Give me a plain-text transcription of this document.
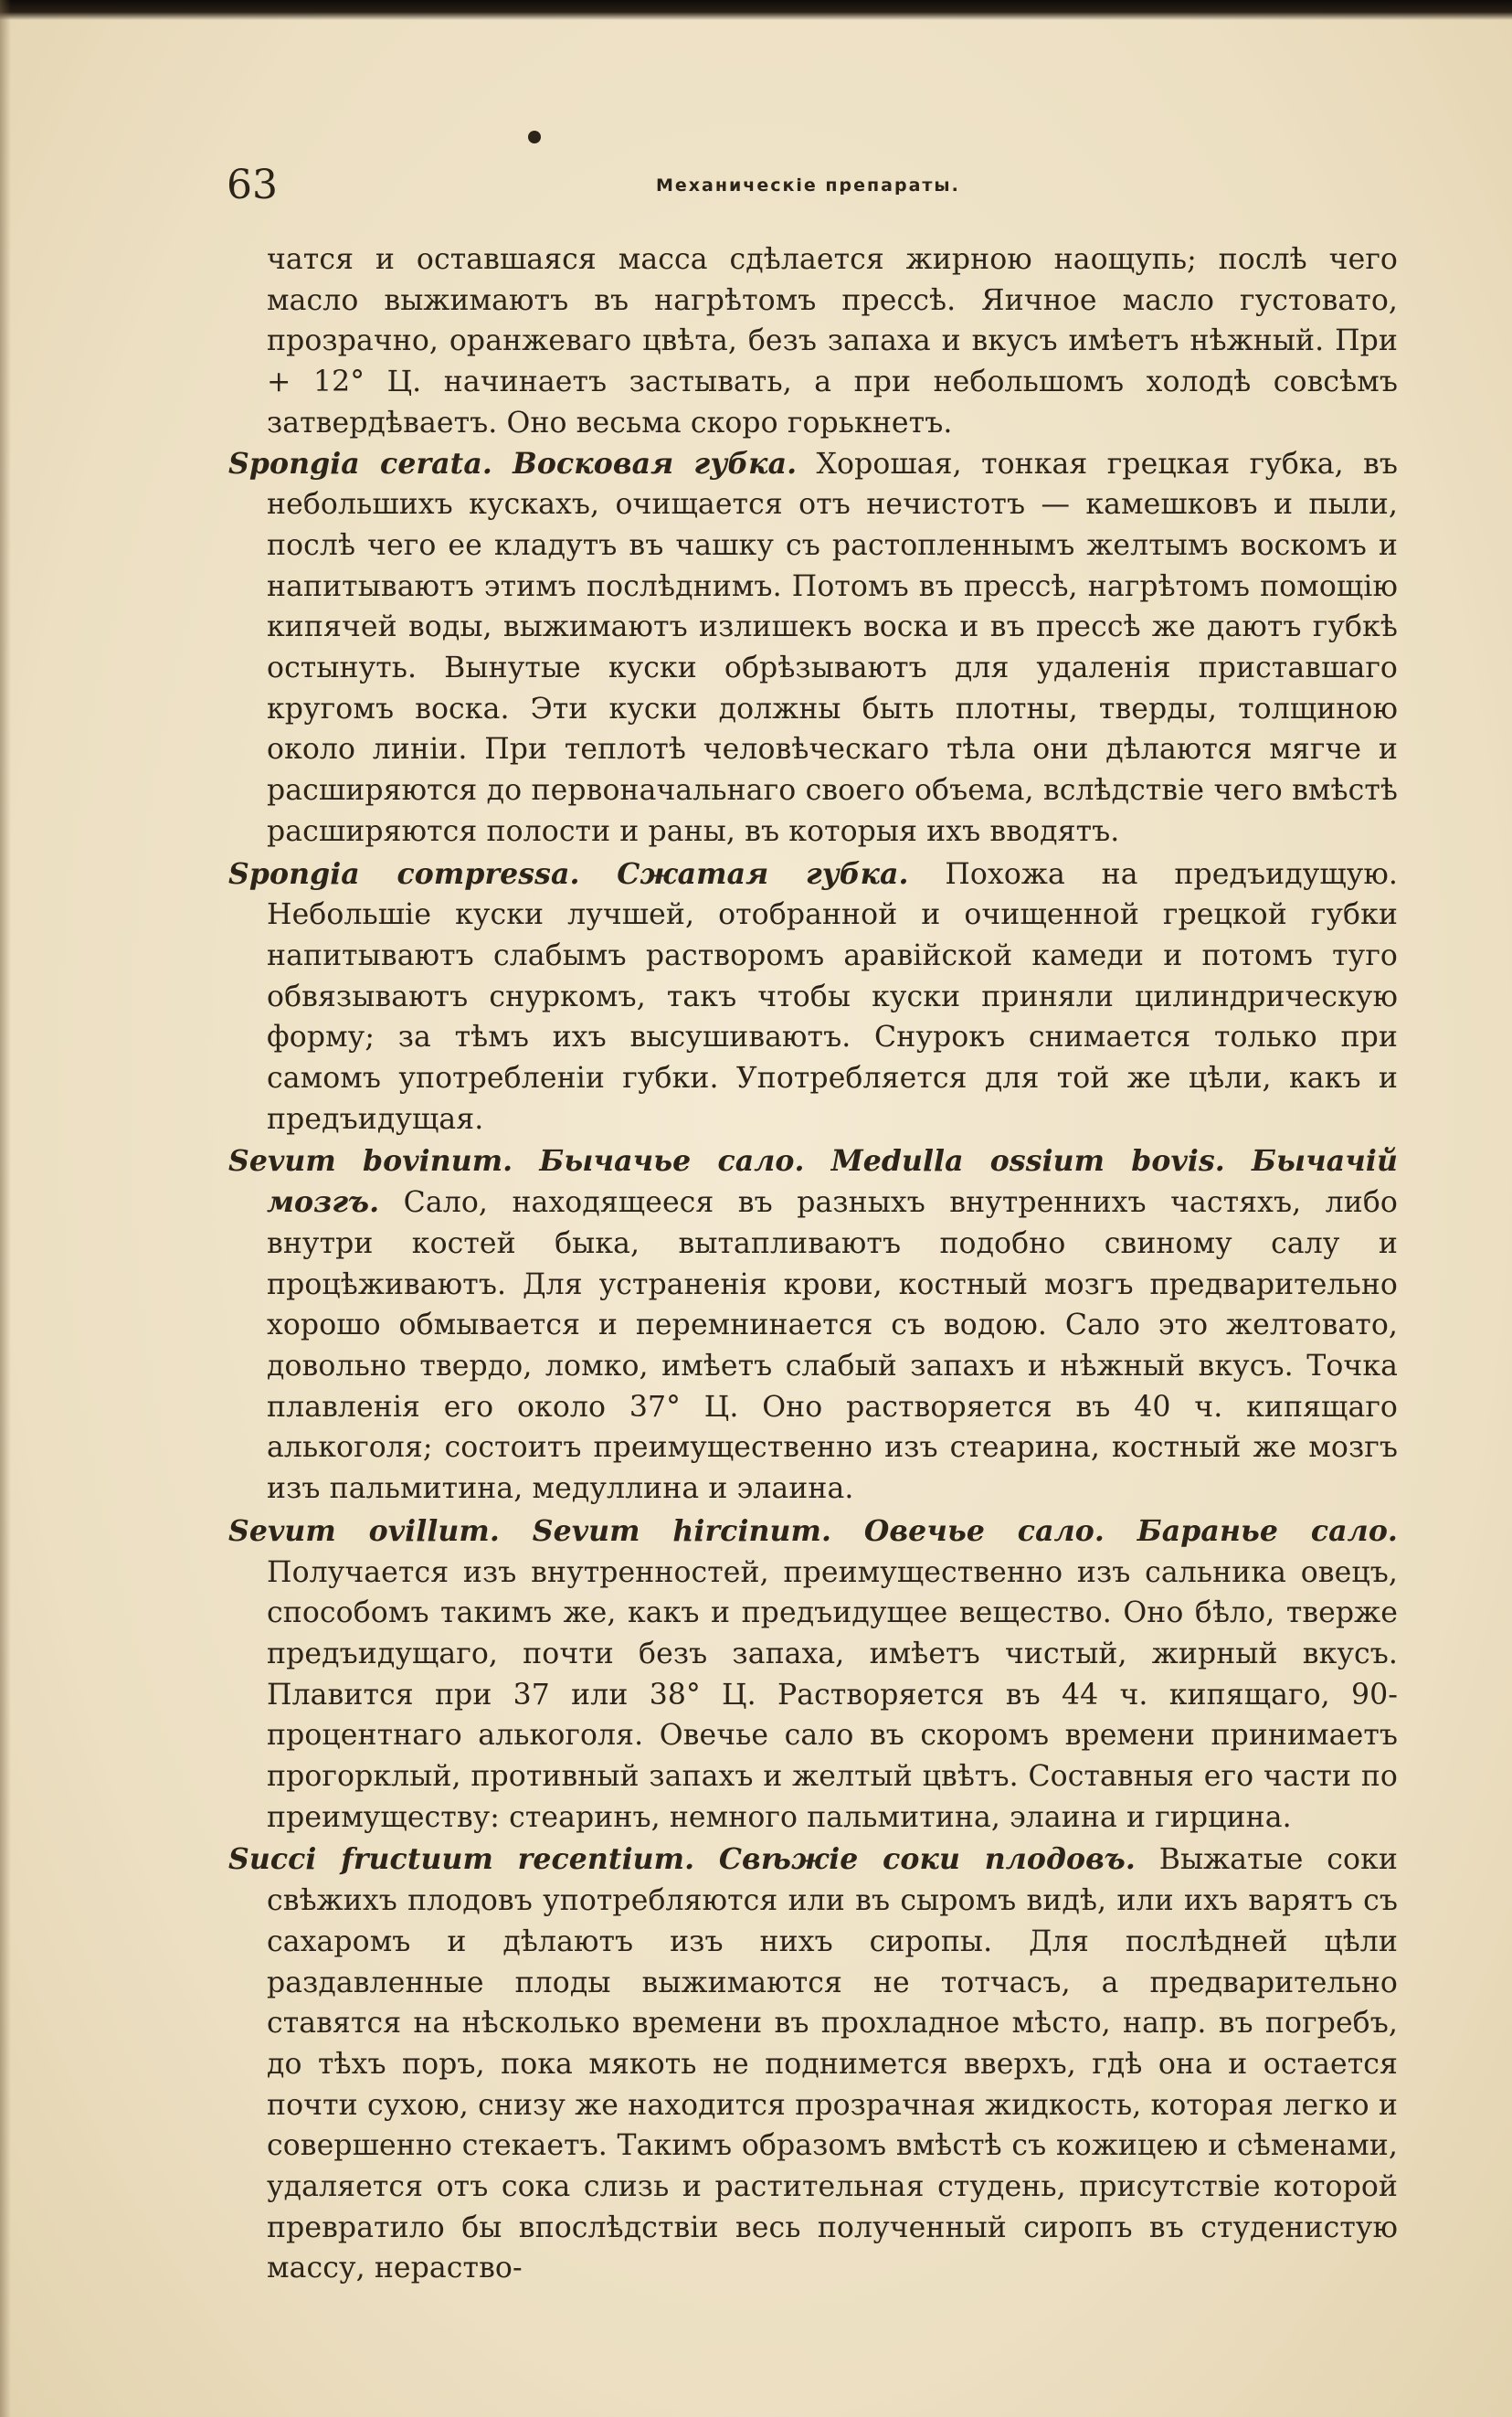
63	Механическіе препараты.

чатся и оставшаяся масса сдѣлается жирною наощупь; послѣ чего масло выжимаютъ въ нагрѣтомъ прессѣ. Яичное масло густовато, прозрачно, оранжеваго цвѣта, безъ запаха и вкусъ имѣетъ нѣжный. При + 12° Ц. начинаетъ застывать, а при небольшомъ холодѣ совсѣмъ затвердѣваетъ. Оно весьма скоро горькнетъ.

Spongia cerata. Восковая губка. Хорошая, тонкая грецкая губка, въ небольшихъ кускахъ, очищается отъ нечистотъ — камешковъ и пыли, послѣ чего ее кладутъ въ чашку съ растопленнымъ желтымъ воскомъ и напитываютъ этимъ послѣднимъ. Потомъ въ прессѣ, нагрѣтомъ помощію кипячей воды, выжимаютъ излишекъ воска и въ прессѣ же даютъ губкѣ остынуть. Вынутые куски обрѣзываютъ для удаленія приставшаго кругомъ воска. Эти куски должны быть плотны, тверды, толщиною около линіи. При теплотѣ человѣческаго тѣла они дѣлаются мягче и расширяются до первоначальнаго своего объема, вслѣдствіе чего вмѣстѣ расширяются полости и раны, въ которыя ихъ вводятъ.

Spongia compressa. Сжатая губка. Похожа на предъидущую. Небольшіе куски лучшей, отобранной и очищенной грецкой губки напитываютъ слабымъ растворомъ аравійской камеди и потомъ туго обвязываютъ снуркомъ, такъ чтобы куски приняли цилиндрическую форму; за тѣмъ ихъ высушиваютъ. Снурокъ снимается только при самомъ употребленіи губки. Употребляется для той же цѣли, какъ и предъидущая.

Sevum bovinum. Бычачье сало. Medulla ossium bovis. Бычачій мозгъ. Сало, находящееся въ разныхъ внутреннихъ частяхъ, либо внутри костей быка, вытапливаютъ подобно свиному салу и процѣживаютъ. Для устраненія крови, костный мозгъ предварительно хорошо обмывается и перемнинается съ водою. Сало это желтовато, довольно твердо, ломко, имѣетъ слабый запахъ и нѣжный вкусъ. Точка плавленія его около 37° Ц. Оно растворяется въ 40 ч. кипящаго алькоголя; состоитъ преимущественно изъ стеарина, костный же мозгъ изъ пальмитина, медуллина и элаина.

Sevum ovillum. Sevum hircinum. Овечье сало. Баранье сало. Получается изъ внутренностей, преимущественно изъ сальника овецъ, способомъ такимъ же, какъ и предъидущее вещество. Оно бѣло, тверже предъидущаго, почти безъ запаха, имѣетъ чистый, жирный вкусъ. Плавится при 37 или 38° Ц. Растворяется въ 44 ч. кипящаго, 90-процентнаго алькоголя. Овечье сало въ скоромъ времени принимаетъ прогорклый, противный запахъ и желтый цвѣтъ. Составныя его части по преимуществу: стеаринъ, немного пальмитина, элаина и гирцина.

Succi fructuum recentium. Свѣжіе соки плодовъ. Выжатые соки свѣжихъ плодовъ употребляются или въ сыромъ видѣ, или ихъ варятъ съ сахаромъ и дѣлаютъ изъ нихъ сиропы. Для послѣдней цѣли раздавленные плоды выжимаются не тотчасъ, а предварительно ставятся на нѣсколько времени въ прохладное мѣсто, напр. въ погребъ, до тѣхъ поръ, пока мякоть не поднимется вверхъ, гдѣ она и остается почти сухою, снизу же находится прозрачная жидкость, которая легко и совершенно стекаетъ. Такимъ образомъ вмѣстѣ съ кожицею и сѣменами, удаляется отъ сока слизь и растительная студень, присутствіе которой превратило бы впослѣдствіи весь полученный сиропъ въ студенистую массу, нераство-
